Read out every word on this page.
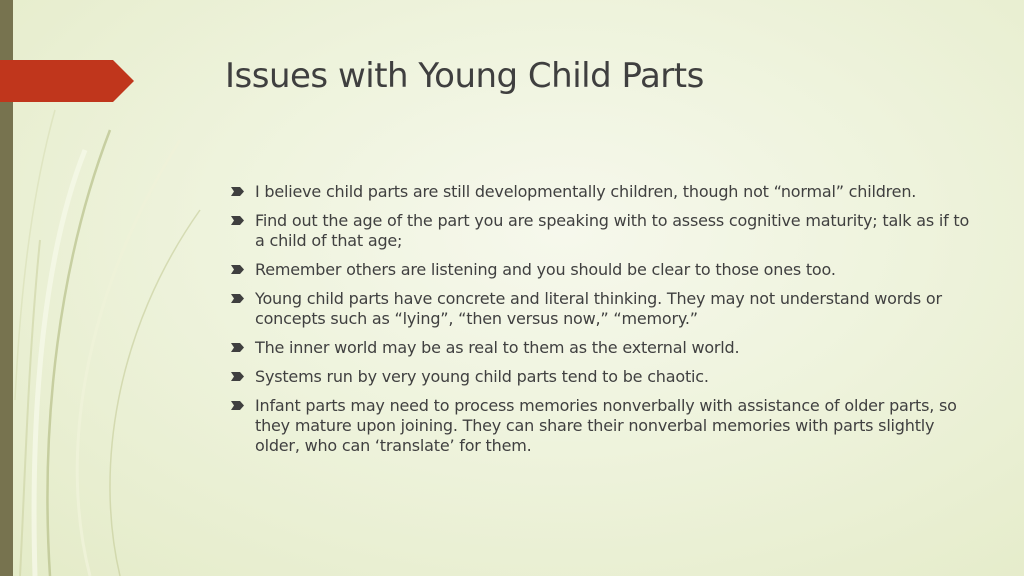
Issues with Young Child Parts
I believe child parts are still developmentally children, though not “normal” children.
Find out the age of the part you are speaking with to assess cognitive maturity; talk as if to a child of that age;
Remember others are listening and you should be clear to those ones too.
Young child parts have concrete and literal thinking. They may not understand words or concepts such as “lying”, “then versus now,” “memory.”
The inner world may be as real to them as the external world.
Systems run by very young child parts tend to be chaotic.
Infant parts may need to process memories nonverbally with assistance of older parts, so they mature upon joining. They can share their nonverbal memories with parts slightly older, who can ‘translate’ for them.
